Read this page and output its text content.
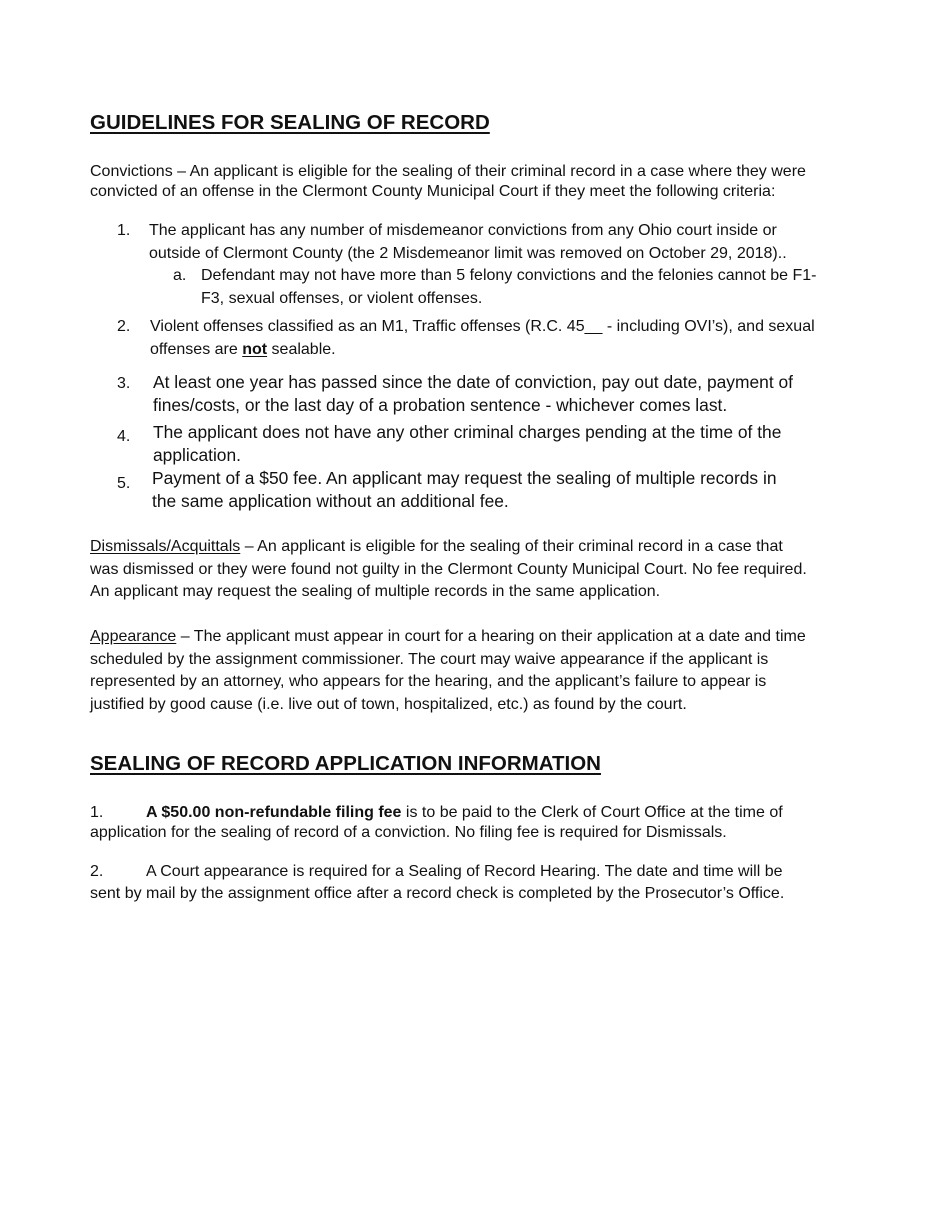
GUIDELINES FOR SEALING OF RECORD
Convictions – An applicant is eligible for the sealing of their criminal record in a case where they were
convicted of an offense in the Clermont County Municipal Court if they meet the following criteria:
1. The applicant has any number of misdemeanor convictions from any Ohio court inside or
outside of Clermont County (the 2 Misdemeanor limit was removed on October 29, 2018)..
a. Defendant may not have more than 5 felony convictions and the felonies cannot be F1-
F3, sexual offenses, or violent offenses.
2. Violent offenses classified as an M1, Traffic offenses (R.C. 45__ - including OVI’s), and sexual
offenses are not sealable.
3. At least one year has passed since the date of conviction, pay out date, payment of
fines/costs, or the last day of a probation sentence - whichever comes last.
4. The applicant does not have any other criminal charges pending at the time of the
application.
5. Payment of a $50 fee. An applicant may request the sealing of multiple records in
the same application without an additional fee.
Dismissals/Acquittals – An applicant is eligible for the sealing of their criminal record in a case that
was dismissed or they were found not guilty in the Clermont County Municipal Court. No fee required.
An applicant may request the sealing of multiple records in the same application.
Appearance – The applicant must appear in court for a hearing on their application at a date and time
scheduled by the assignment commissioner. The court may waive appearance if the applicant is
represented by an attorney, who appears for the hearing, and the applicant’s failure to appear is
justified by good cause (i.e. live out of town, hospitalized, etc.) as found by the court.
SEALING OF RECORD APPLICATION INFORMATION
1.	A $50.00 non-refundable filing fee is to be paid to the Clerk of Court Office at the time of
application for the sealing of record of a conviction. No filing fee is required for Dismissals.
2.	A Court appearance is required for a Sealing of Record Hearing. The date and time will be
sent by mail by the assignment office after a record check is completed by the Prosecutor’s Office.
